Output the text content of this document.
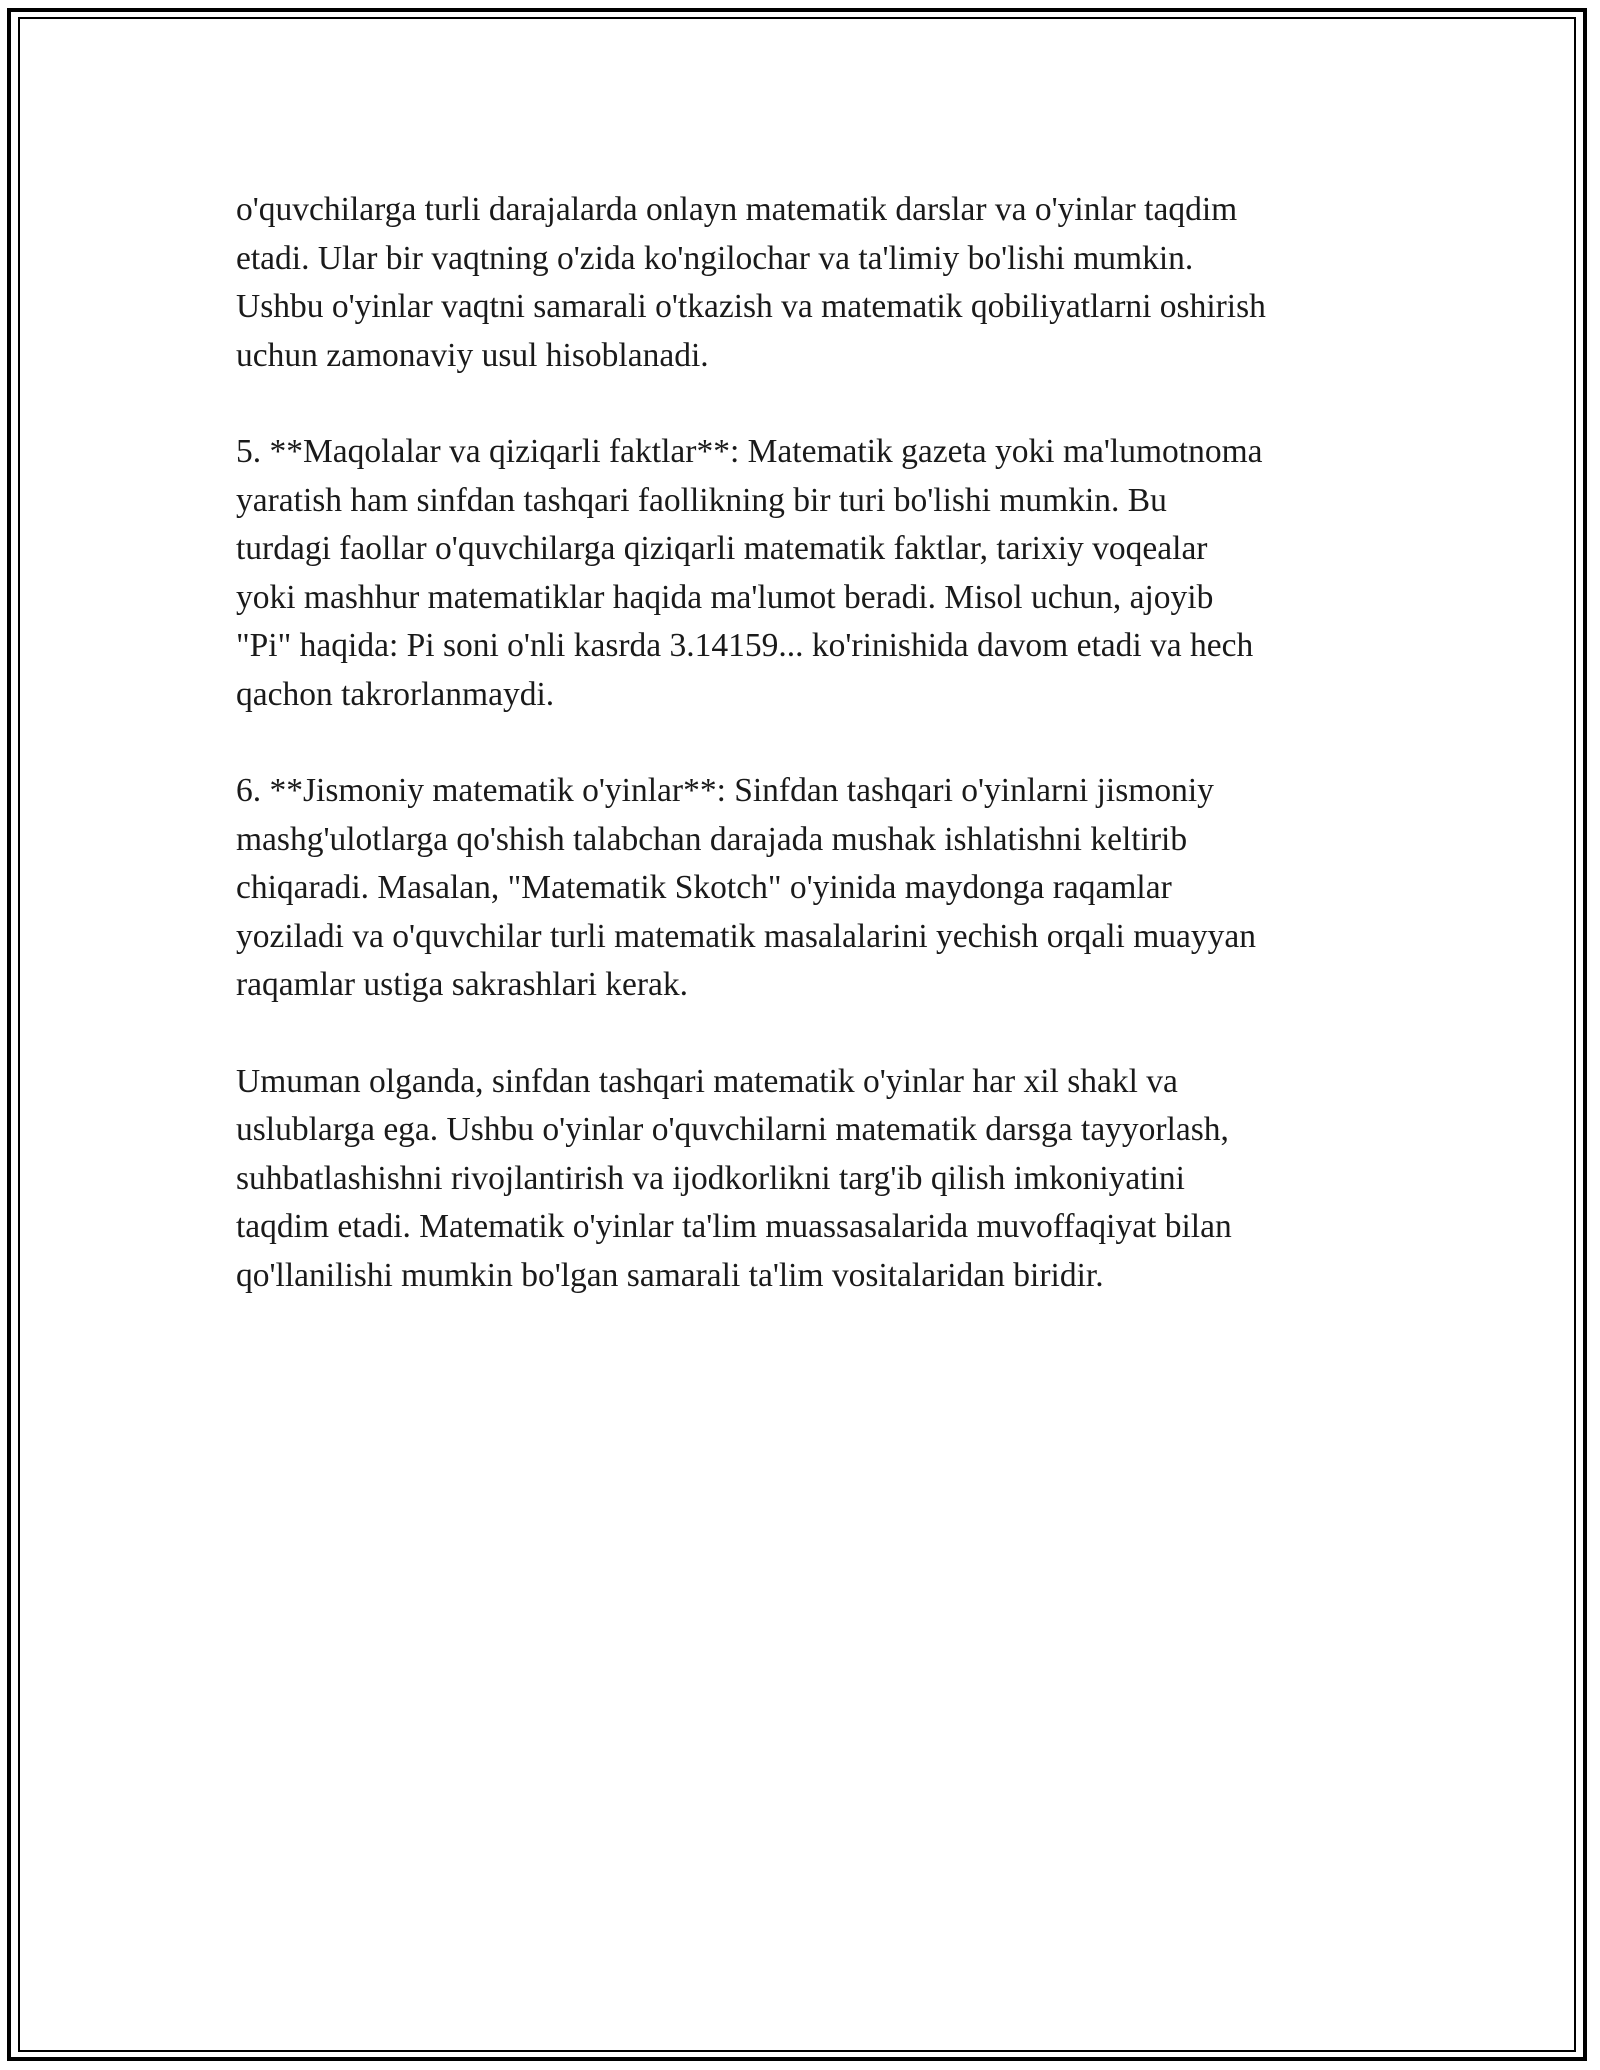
o'quvchilarga turli darajalarda onlayn matematik darslar va o'yinlar taqdim
etadi. Ular bir vaqtning o'zida ko'ngilochar va ta'limiy bo'lishi mumkin.
Ushbu o'yinlar vaqtni samarali o'tkazish va matematik qobiliyatlarni oshirish
uchun zamonaviy usul hisoblanadi.

5. **Maqolalar va qiziqarli faktlar**: Matematik gazeta yoki ma'lumotnoma
yaratish ham sinfdan tashqari faollikning bir turi bo'lishi mumkin. Bu
turdagi faollar o'quvchilarga qiziqarli matematik faktlar, tarixiy voqealar
yoki mashhur matematiklar haqida ma'lumot beradi. Misol uchun, ajoyib
"Pi" haqida: Pi soni o'nli kasrda 3.14159... ko'rinishida davom etadi va hech
qachon takrorlanmaydi.

6. **Jismoniy matematik o'yinlar**: Sinfdan tashqari o'yinlarni jismoniy
mashg'ulotlarga qo'shish talabchan darajada mushak ishlatishni keltirib
chiqaradi. Masalan, "Matematik Skotch" o'yinida maydonga raqamlar
yoziladi va o'quvchilar turli matematik masalalarini yechish orqali muayyan
raqamlar ustiga sakrashlari kerak.

Umuman olganda, sinfdan tashqari matematik o'yinlar har xil shakl va
uslublarga ega. Ushbu o'yinlar o'quvchilarni matematik darsga tayyorlash,
suhbatlashishni rivojlantirish va ijodkorlikni targ'ib qilish imkoniyatini
taqdim etadi. Matematik o'yinlar ta'lim muassasalarida muvoffaqiyat bilan
qo'llanilishi mumkin bo'lgan samarali ta'lim vositalaridan biridir.
